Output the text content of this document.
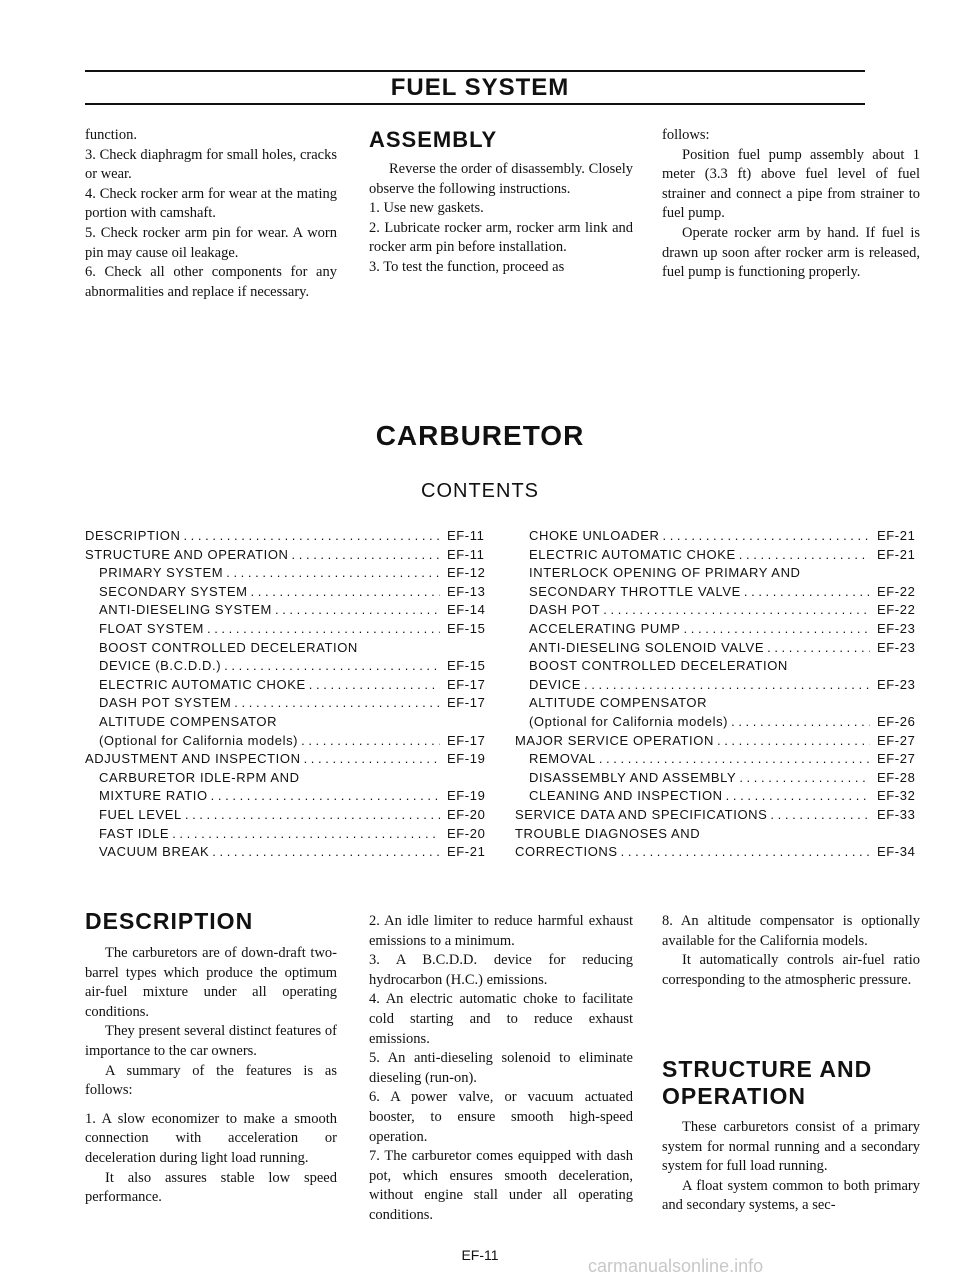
FUEL SYSTEM

function.

3. Check diaphragm for small holes, cracks or wear.

4. Check rocker arm for wear at the mating portion with camshaft.

5. Check rocker arm pin for wear. A worn pin may cause oil leakage.

6. Check all other components for any abnormalities and replace if necessary.

ASSEMBLY

Reverse the order of disassembly. Closely observe the following instructions.

1. Use new gaskets.

2. Lubricate rocker arm, rocker arm link and rocker arm pin before installation.

3. To test the function, proceed as

follows:

Position fuel pump assembly about 1 meter (3.3 ft) above fuel level of fuel strainer and connect a pipe from strainer to fuel pump.

Operate rocker arm by hand. If fuel is drawn up soon after rocker arm is released, fuel pump is functioning properly.

CARBURETOR
CONTENTS
DESCRIPTION . . .	EF-11
STRUCTURE AND OPERATION . . .	EF-11
PRIMARY SYSTEM . . .	EF-12
SECONDARY SYSTEM . . .	EF-13
ANTI-DIESELING SYSTEM . . .	EF-14
FLOAT SYSTEM . . .	EF-15
BOOST CONTROLLED DECELERATION
DEVICE (B.C.D.D.) . . .	EF-15
ELECTRIC AUTOMATIC CHOKE . . .	EF-17
DASH POT SYSTEM . . .	EF-17
ALTITUDE COMPENSATOR
(Optional for California models) . . .	EF-17
ADJUSTMENT AND INSPECTION . . .	EF-19
CARBURETOR IDLE-RPM AND
MIXTURE RATIO . . .	EF-19
FUEL LEVEL . . .	EF-20
FAST IDLE . . .	EF-20
VACUUM BREAK . . .	EF-21
CHOKE UNLOADER . . .	EF-21
ELECTRIC AUTOMATIC CHOKE . . .	EF-21
INTERLOCK OPENING OF PRIMARY AND
SECONDARY THROTTLE VALVE . . .	EF-22
DASH POT . . .	EF-22
ACCELERATING PUMP . . .	EF-23
ANTI-DIESELING SOLENOID VALVE . . .	EF-23
BOOST CONTROLLED DECELERATION
DEVICE . . .	EF-23
ALTITUDE COMPENSATOR
(Optional for California models) . . .	EF-26
MAJOR SERVICE OPERATION . . .	EF-27
REMOVAL . . .	EF-27
DISASSEMBLY AND ASSEMBLY . . .	EF-28
CLEANING AND INSPECTION . . .	EF-32
SERVICE DATA AND SPECIFICATIONS . . .	EF-33
TROUBLE DIAGNOSES AND
CORRECTIONS . . .	EF-34
DESCRIPTION

The carburetors are of down-draft two-barrel types which produce the optimum air-fuel mixture under all operating conditions.

They present several distinct features of importance to the car owners.

A summary of the features is as follows:

1. A slow economizer to make a smooth connection with acceleration or deceleration during light load running.

It also assures stable low speed performance.

2. An idle limiter to reduce harmful exhaust emissions to a minimum.

3. A B.C.D.D. device for reducing hydrocarbon (H.C.) emissions.

4. An electric automatic choke to facilitate cold starting and to reduce exhaust emissions.

5. An anti-dieseling solenoid to eliminate dieseling (run-on).

6. A power valve, or vacuum actuated booster, to ensure smooth high-speed operation.

7. The carburetor comes equipped with dash pot, which ensures smooth deceleration, without engine stall under all operating conditions.

8. An altitude compensator is optionally available for the California models.

It automatically controls air-fuel ratio corresponding to the atmospheric pressure.

STRUCTURE AND
OPERATION

These carburetors consist of a primary system for normal running and a secondary system for full load running.

A float system common to both primary and secondary systems, a sec-

EF-11
carmanualsonline.info
